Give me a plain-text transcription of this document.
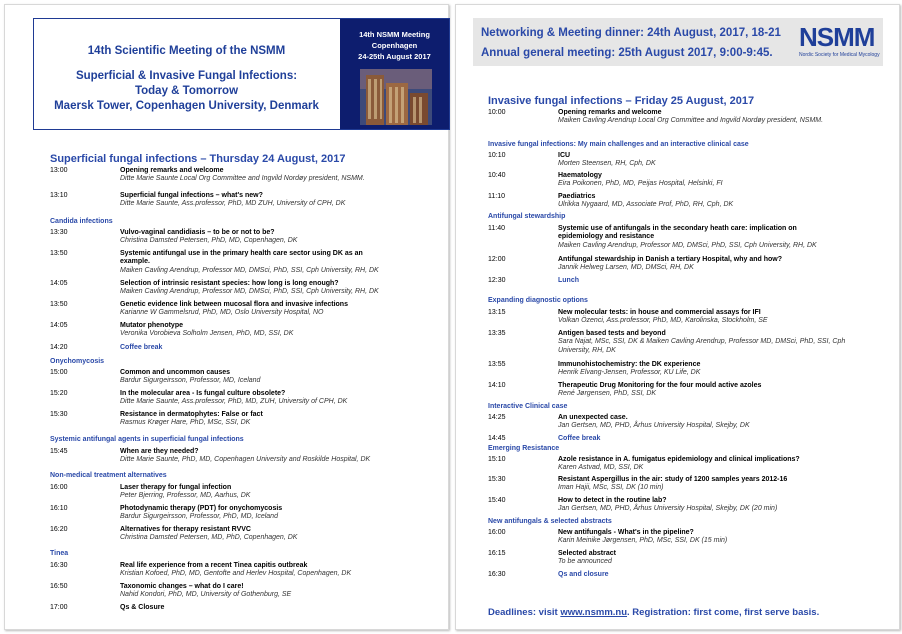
14th Scientific Meeting of the NSMM
Superficial & Invasive Fungal Infections:
Today & Tomorrow
Maersk Tower, Copenhagen University, Denmark
14th NSMM Meeting
Copenhagen
24-25th August 2017
Superficial fungal infections – Thursday 24 August, 2017
13:00	Opening remarks and welcome
Ditte Marie Saunte Local Org Committee and Ingvild Nordøy president, NSMM.
13:10	Superficial fungal infections – what's new?
Ditte Marie Saunte, Ass.professor, PhD, MD ZUH, University of CPH, DK
Candida infections
13:30	Vulvo-vaginal candidiasis – to be or not to be?
Christina Damsted Petersen, PhD, MD, Copenhagen, DK
13:50	Systemic antifungal use in the primary health care sector using DK as an example.
Maiken Cavling Arendrup, Professor MD, DMSci, PhD, SSI, Cph University, RH, DK
14:05	Selection of intrinsic resistant species: how long is long enough?
Maiken Cavling Arendrup, Professor MD, DMSci, PhD, SSI, Cph University, RH, DK
13:50	Genetic evidence link between mucosal flora and invasive infections
Karianne W Gammelsrud, PhD, MD, Oslo University Hospital, NO
14:05	Mutator phenotype
Veronika Vorobieva Solholm Jensen, PhD, MD, SSI, DK
14:20	Coffee break
Onychomycosis
15:00	Common and uncommon causes
Bardur Sigurgeirsson, Professor, MD, Iceland
15:20	In the molecular area - Is fungal culture obsolete?
Ditte Marie Saunte, Ass.professor, PhD, MD, ZUH, University of CPH, DK
15:30	Resistance in dermatophytes: False or fact
Rasmus Krøger Hare, PhD, MSc, SSI, DK
Systemic antifungal agents in superficial fungal infections
15:45	When are they needed?
Ditte Marie Saunte, PhD, MD, Copenhagen University and Roskilde Hospital, DK
Non-medical treatment alternatives
16:00	Laser therapy for fungal infection
Peter Bjerring, Professor, MD, Aarhus, DK
16:10	Photodynamic therapy (PDT) for onychomycosis
Bardur Sigurgeirsson, Professor, PhD, MD, Iceland
16:20	Alternatives for therapy resistant RVVC
Christina Damsted Petersen, MD, PhD, Copenhagen, DK
Tinea
16:30	Real life experience from a recent Tinea capitis outbreak
Kristian Kofoed, PhD, MD, Gentofte and Herlev Hospital, Copenhagen, DK
16:50	Taxonomic changes – what do I care!
Nahid Kondori, PhD, MD, University of Gothenburg, SE
17:00	Qs & Closure
Networking & Meeting dinner: 24th August, 2017, 18-21
Annual general meeting: 25th August 2017, 9:00-9:45.
NSMM
Nordic Society for Medical Mycology
Invasive fungal infections – Friday 25 August, 2017
10:00	Opening remarks and welcome
Maiken Cavling Arendrup Local Org Committee and Ingvild Nordøy president, NSMM.
Invasive fungal infections: My main challenges and an interactive clinical case
10:10	ICU
Morten Steensen, RH, Cph, DK
10:40	Haematology
Eira Poikonen, PhD, MD, Peijas Hospital, Helsinki, FI
11:10	Paediatrics
Ulrikka Nygaard, MD, Associate Prof, PhD, RH, Cph, DK
Antifungal stewardship
11:40	Systemic use of antifungals in the secondary heath care: implication on epidemiology and resistance
Maiken Cavling Arendrup, Professor MD, DMSci, PhD, SSI, Cph University, RH, DK
12:00	Antifungal stewardship in Danish a tertiary Hospital, why and how?
Jannik Helweg Larsen, MD, DMSci, RH, DK
12:30	Lunch
Expanding diagnostic options
13:15	New molecular tests: in house and commercial assays for IFI
Volkan Özenci, Ass.professor, PhD, MD, Karolinska, Stockholm, SE
13:35	Antigen based tests and beyond
Sara Najat, MSc, SSI, DK & Maiken Cavling Arendrup, Professor MD, DMSci, PhD, SSI, Cph University, RH, DK
13:55	Immunohistochemistry: the DK experience
Henrik Elvang-Jensen, Professor, KU Life, DK
14:10	Therapeutic Drug Monitoring for the four mould active azoles
René Jørgensen, PhD, SSI, DK
Interactive Clinical case
14:25	An unexpected case.
Jan Gertsen, MD, PHD, Århus University Hospital, Skejby, DK
14:45	Coffee break
Emerging Resistance
15:10	Azole resistance in A. fumigatus epidemiology and clinical implications?
Karen Astvad, MD, SSI, DK
15:30	Resistant Aspergillus in the air: study of 1200 samples years 2012-16
Iman Hajii, MSc, SSI, DK (10 min)
15:40	How to detect in the routine lab?
Jan Gertsen, MD, PHD, Århus University Hospital, Skejby, DK (20 min)
New antifungals & selected abstracts
16:00	New antifungals - What's in the pipeline?
Karin Meinike Jørgensen, PhD, MSc, SSI, DK (15 min)
16:15	Selected abstract
To be announced
16:30	Qs and closure
Deadlines: visit www.nsmm.nu. Registration: first come, first serve basis.
